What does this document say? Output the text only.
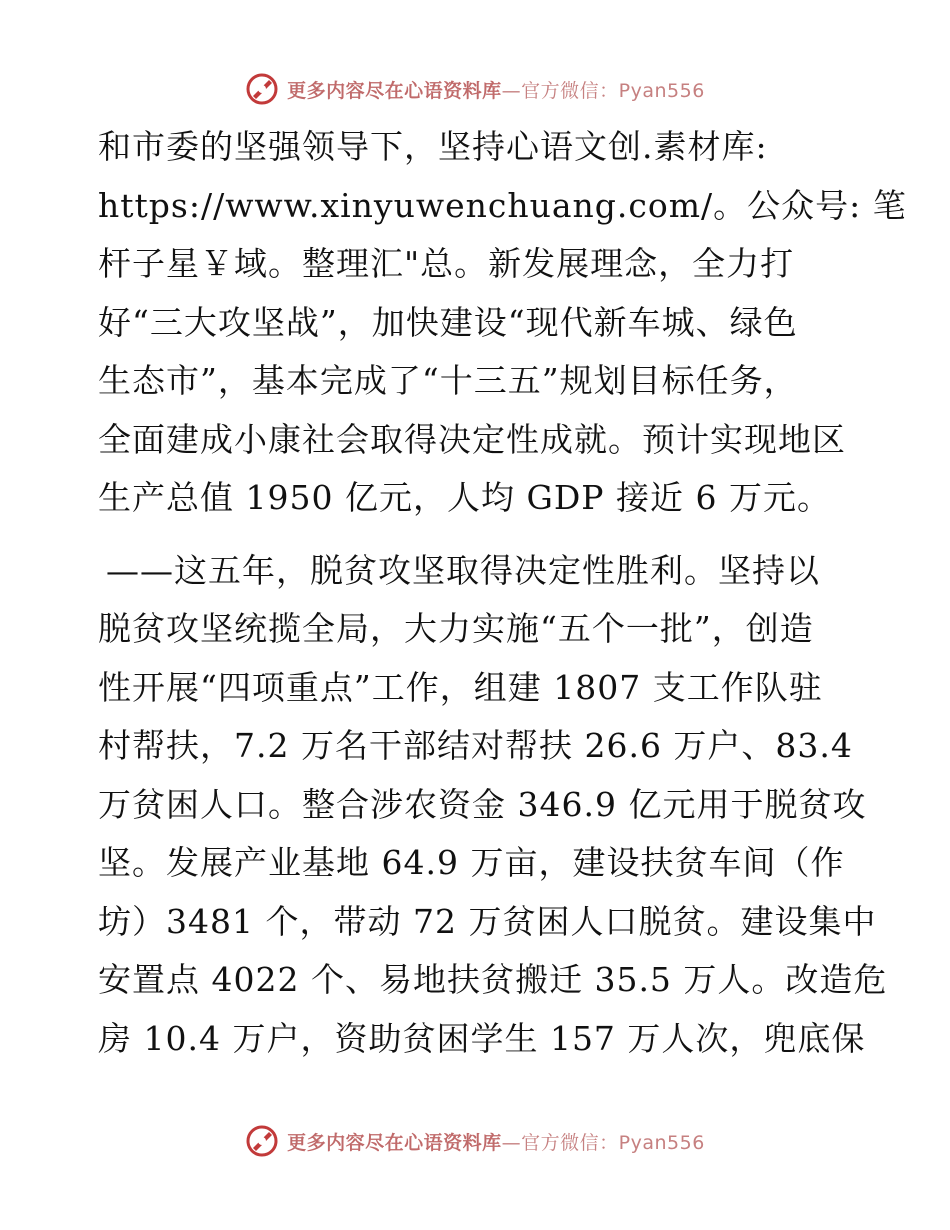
更多内容尽在心语资料库—官方微信：Pyan556
和市委的坚强领导下，坚持心语文创.素材库:
https://www.xinyuwenchuang.com/。公众号: 笔
杆子星￥域。整理汇"总。新发展理念，全力打
好“三大攻坚战”，加快建设“现代新车城、绿色
生态市”，基本完成了“十三五”规划目标任务，
全面建成小康社会取得决定性成就。预计实现地区
生产总值 1950 亿元，人均 GDP 接近 6 万元。
——这五年，脱贫攻坚取得决定性胜利。坚持以
脱贫攻坚统揽全局，大力实施“五个一批”，创造
性开展“四项重点”工作，组建 1807 支工作队驻
村帮扶，7.2 万名干部结对帮扶 26.6 万户、83.4
万贫困人口。整合涉农资金 346.9 亿元用于脱贫攻
坚。发展产业基地 64.9 万亩，建设扶贫车间（作
坊）3481 个，带动 72 万贫困人口脱贫。建设集中
安置点 4022 个、易地扶贫搬迁 35.5 万人。改造危
房 10.4 万户，资助贫困学生 157 万人次，兜底保
更多内容尽在心语资料库—官方微信：Pyan556
